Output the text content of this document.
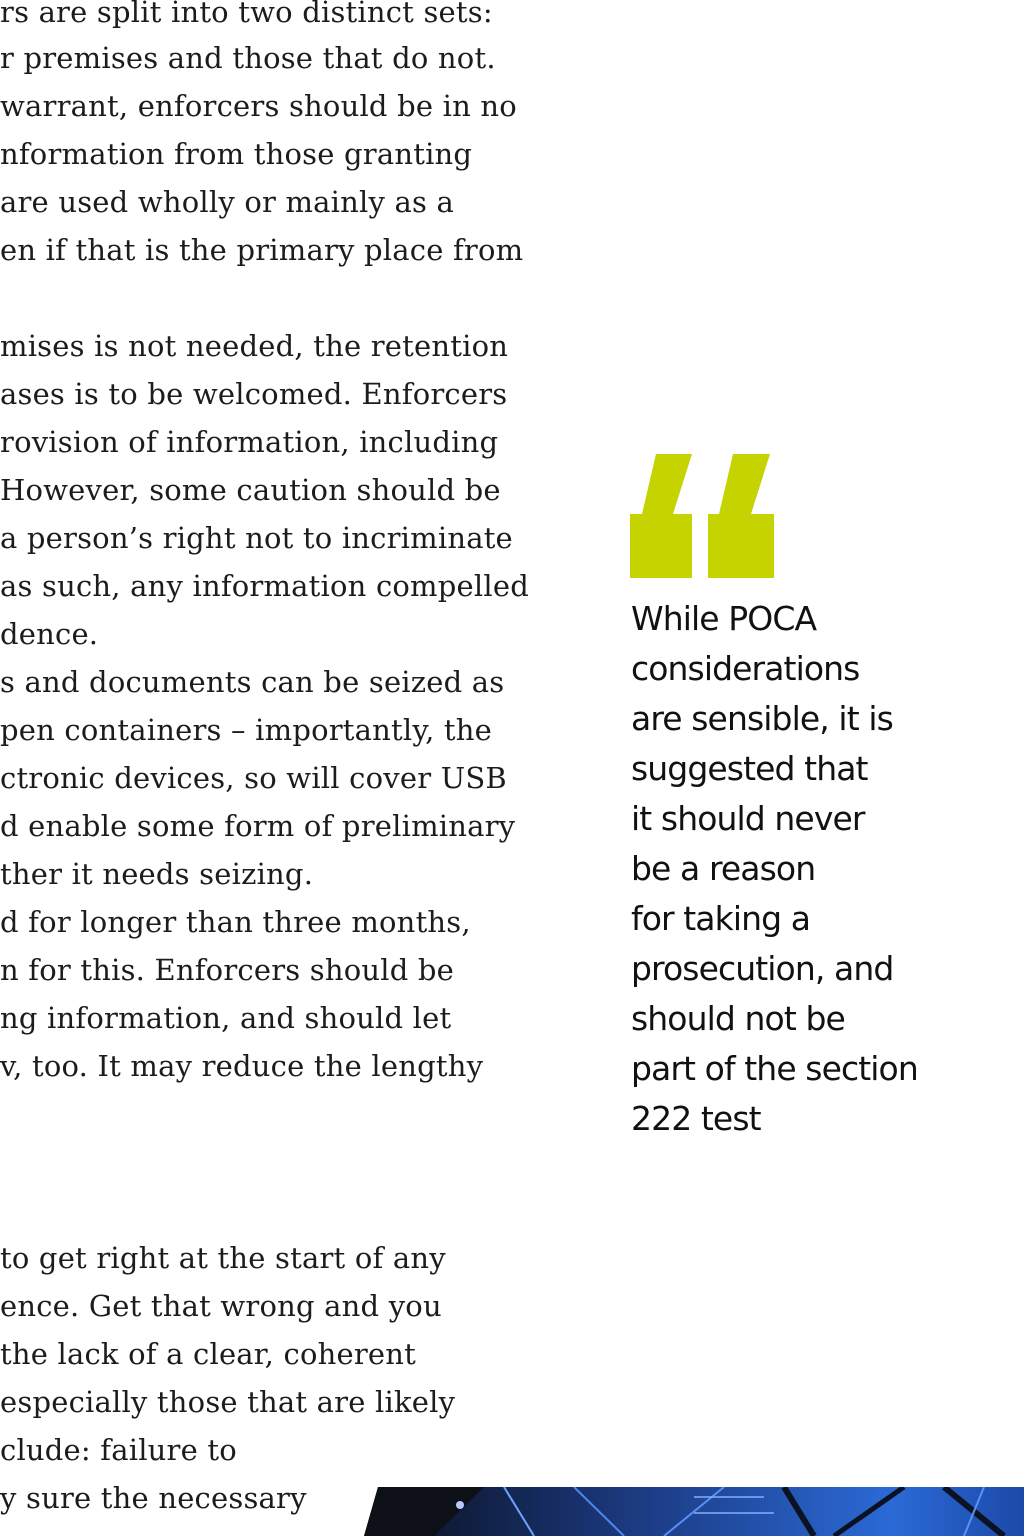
rs are split into two distinct sets:
r premises and those that do not.
warrant, enforcers should be in no
nformation from those granting
are used wholly or mainly as a
en if that is the primary place from
mises is not needed, the retention
ases is to be welcomed. Enforcers
rovision of information, including
However, some caution should be
a person’s right not to incriminate
as such, any information compelled
dence.
s and documents can be seized as
pen containers – importantly, the
ctronic devices, so will cover USB
d enable some form of preliminary
ther it needs seizing.
d for longer than three months,
n for this. Enforcers should be
ng information, and should let
v, too. It may reduce the lengthy
to get right at the start of any
ence. Get that wrong and you
the lack of a clear, coherent
especially those that are likely
clude: failure to
y sure the necessary
While POCA
considerations
are sensible, it is
suggested that
it should never
be a reason
for taking a
prosecution, and
should not be
part of the section
222 test
